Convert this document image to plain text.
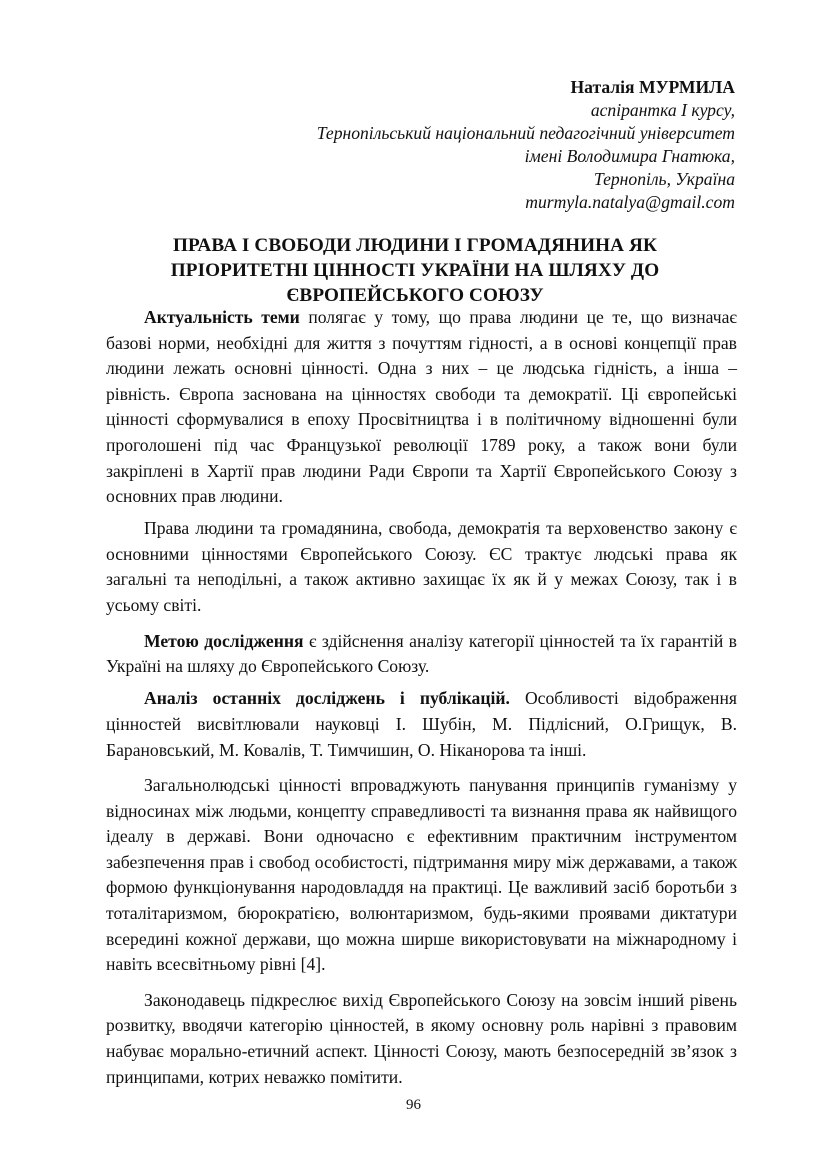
Наталія МУРМИЛА
аспірантка I курсу,
Тернопільський національний педагогічний університет
імені Володимира Гнатюка,
Тернопіль, Україна
murmyla.natalya@gmail.com
ПРАВА І СВОБОДИ ЛЮДИНИ І ГРОМАДЯНИНА ЯК
ПРІОРИТЕТНІ ЦІННОСТІ УКРАЇНИ НА ШЛЯХУ ДО
ЄВРОПЕЙСЬКОГО СОЮЗУ

Актуальність теми полягає у тому, що права людини це те, що визначає базові норми, необхідні для життя з почуттям гідності, а в основі концепції прав людини лежать основні цінності. Одна з них – це людська гідність, а інша – рівність. Європа заснована на цінностях свободи та демократії. Ці європейські цінності сформувалися в епоху Просвітництва і в політичному відношенні були проголошені під час Французької революції 1789 року, а також вони були закріплені в Хартії прав людини Ради Європи та Хартії Європейського Союзу з основних прав людини.

Права людини та громадянина, свобода, демократія та верховенство закону є основними цінностями Європейського Союзу. ЄС трактує людські права як загальні та неподільні, а також активно захищає їх як й у межах Союзу, так і в усьому світі.

Метою дослідження є здійснення аналізу категорії цінностей та їх гарантій в Україні на шляху до Європейського Союзу.

Аналіз останніх досліджень і публікацій. Особливості відображення цінностей висвітлювали науковці І. Шубін, М. Підлісний, О.Грищук, В. Барановський, М. Ковалів, Т. Тимчишин, О. Ніканорова та інші.

Загальнолюдські цінності впроваджують панування принципів гуманізму у відносинах між людьми, концепту справедливості та визнання права як найвищого ідеалу в державі. Вони одночасно є ефективним практичним інструментом забезпечення прав і свобод особистості, підтримання миру між державами, а також формою функціонування народовладдя на практиці. Це важливий засіб боротьби з тоталітаризмом, бюрократією, волюнтаризмом, будь-якими проявами диктатури всередині кожної держави, що можна ширше використовувати на міжнародному і навіть всесвітньому рівні [4].

Законодавець підкреслює вихід Європейського Союзу на зовсім інший рівень розвитку, вводячи категорію цінностей, в якому основну роль нарівні з правовим набуває морально-етичний аспект. Цінності Союзу, мають безпосередній зв’язок з принципами, котрих неважко помітити.

96
